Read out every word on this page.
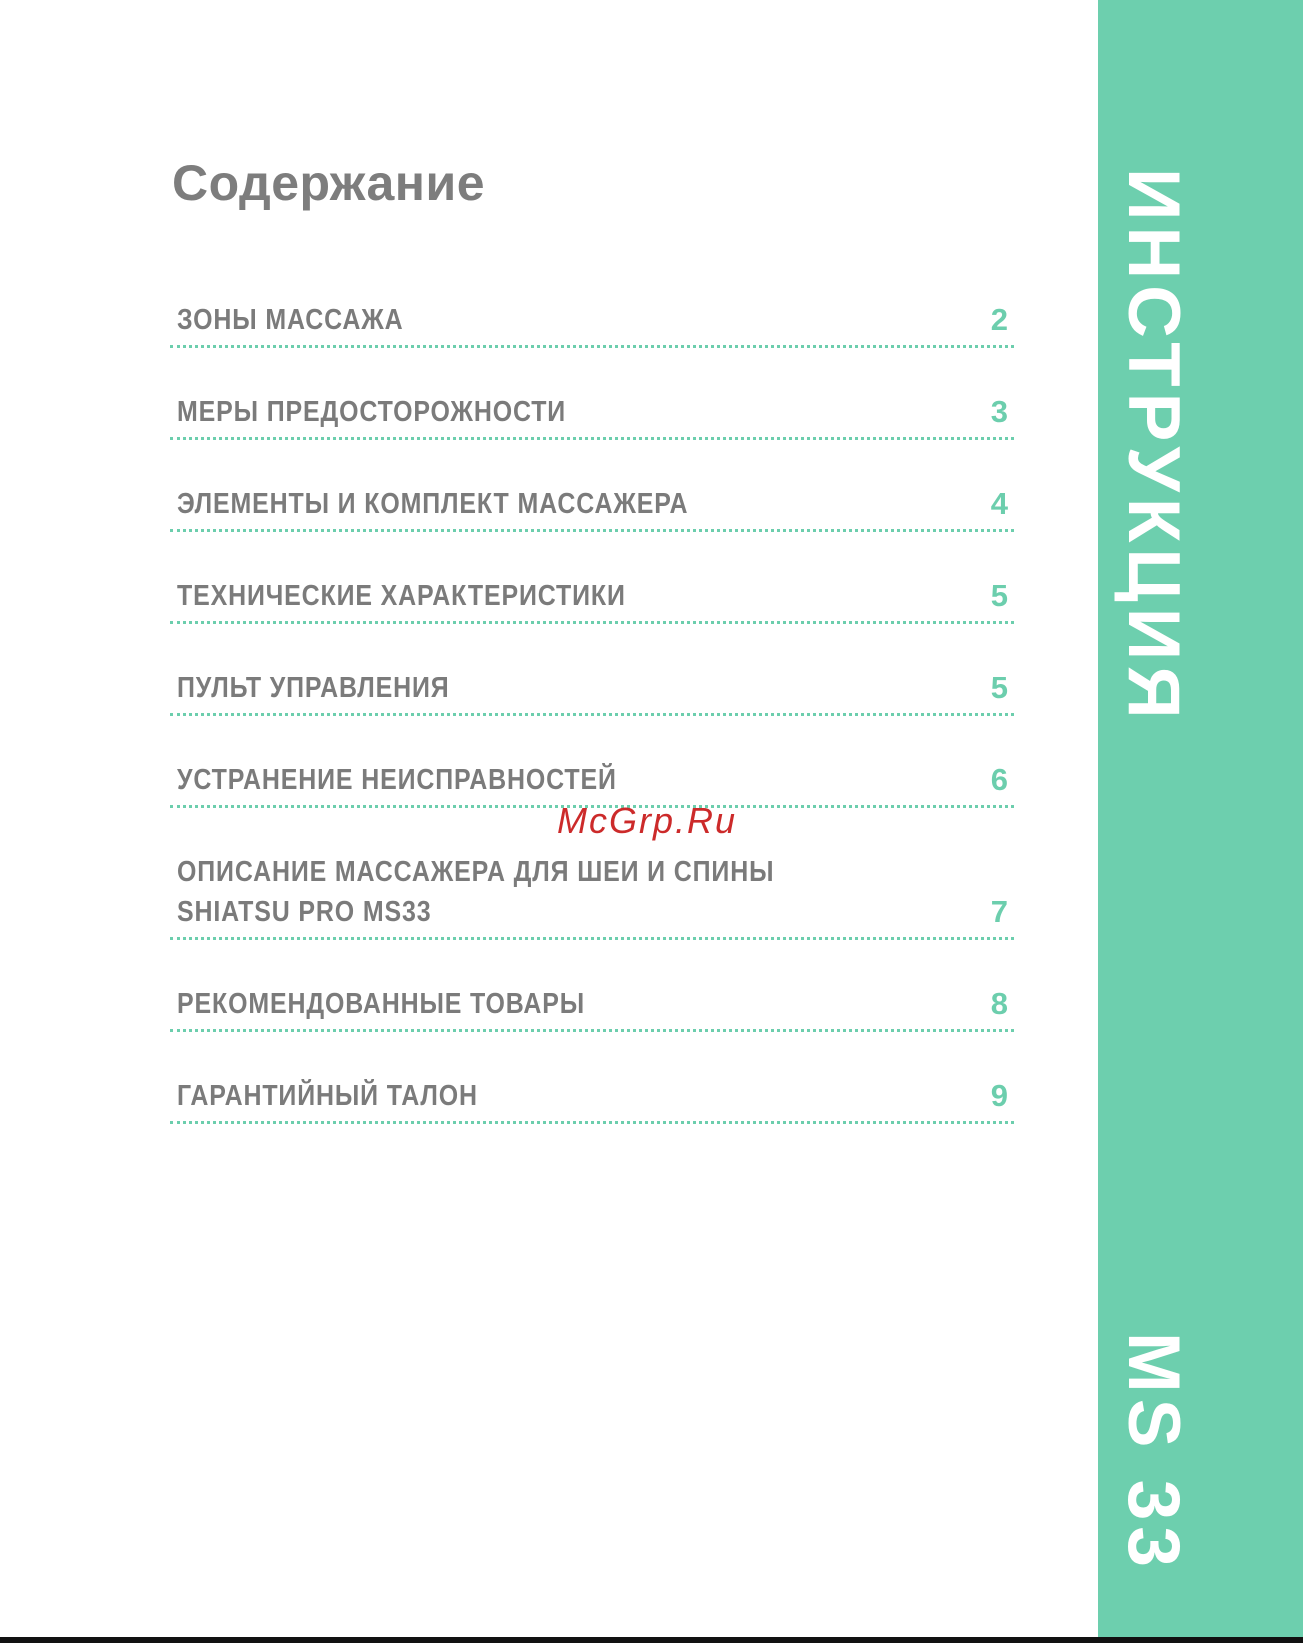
Содержание
ЗОНЫ МАССАЖА	2
МЕРЫ ПРЕДОСТОРОЖНОСТИ	3
ЭЛЕМЕНТЫ И КОМПЛЕКТ МАССАЖЕРА	4
ТЕХНИЧЕСКИЕ ХАРАКТЕРИСТИКИ	5
ПУЛЬТ УПРАВЛЕНИЯ	5
УСТРАНЕНИЕ НЕИСПРАВНОСТЕЙ	6
ОПИСАНИЕ МАССАЖЕРА ДЛЯ ШЕИ И СПИНЫ
SHIATSU PRO MS33	7
РЕКОМЕНДОВАННЫЕ ТОВАРЫ	8
ГАРАНТИЙНЫЙ ТАЛОН	9
McGrp.Ru
ИНСТРУКЦИЯ
MS 33
